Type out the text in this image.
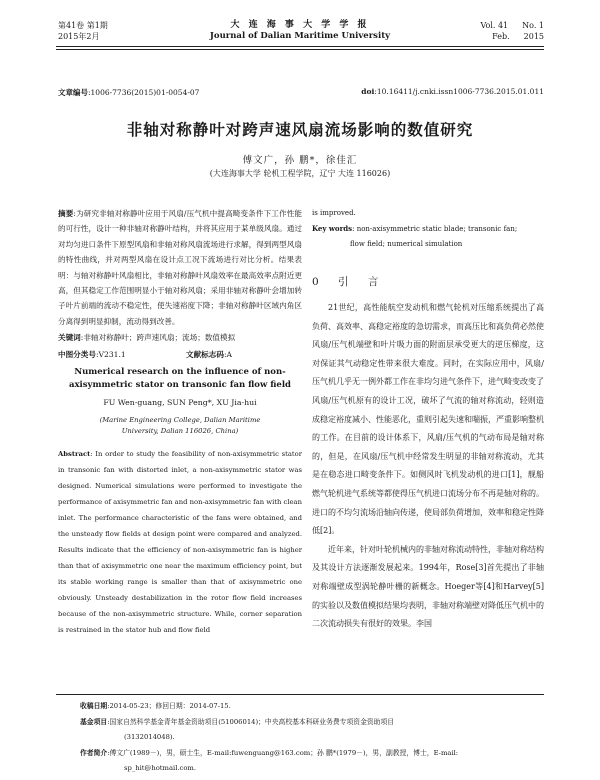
第41卷 第1期
2015年2月
大 连 海 事 大 学 学 报
Journal of Dalian Maritime University
Vol. 41 No. 1
Feb. 2015
文章编号:1006-7736(2015)01-0054-07	doi:10.16411/j.cnki.issn1006-7736.2015.01.011
非轴对称静叶对跨声速风扇流场影响的数值研究
傅文广，孙 鹏*，徐佳汇
(大连海事大学 轮机工程学院，辽宁 大连 116026)
摘要:为研究非轴对称静叶应用于风扇/压气机中提高畸变条件下工作性能的可行性，设计一种非轴对称静叶结构，并将其应用于某单级风扇。通过对均匀进口条件下原型风扇和非轴对称风扇流场进行求解，得到两型风扇的特性曲线，并对两型风扇在设计点工况下流场进行对比分析。结果表明：与轴对称静叶风扇相比，非轴对称静叶风扇效率在最高效率点附近更高，但其稳定工作范围明显小于轴对称风扇；采用非轴对称静叶会增加转子叶片前端的流动不稳定性，使失速裕度下降；非轴对称静叶区域内角区分离得到明显抑制，流动得到改善。
关键词:非轴对称静叶；跨声速风扇；流场；数值模拟
中图分类号:V231.1	文献标志码:A
Numerical research on the influence of non-axisymmetric stator on transonic fan flow field
FU Wen-guang, SUN Peng*, XU Jia-hui
(Marine Engineering College, Dalian Maritime
University, Dalian 116026, China)
Abstract: In order to study the feasibility of non-axisymmetric stator in transonic fan with distorted inlet, a non-axisymmetric stator was designed. Numerical simulations were performed to investigate the performance of axisymmetric fan and non-axisymmetric fan with clean inlet. The performance characteristic of the fans were obtained, and the unsteady flow fields at design point were compared and analyzed. Results indicate that the efficiency of non-axisymmetric fan is higher than that of axisymmetric one near the maximum efficiency point, but its stable working range is smaller than that of axisymmetric one obviously. Unsteady destabilization in the rotor flow field increases because of the non-axisymmetric structure. While, corner separation is restrained in the stator hub and flow field
is improved.
Key words: non-axisymmetric static blade; transonic fan;
flow field; numerical simulation
0 引 言

21世纪，高性能航空发动机和燃气轮机对压缩系统提出了高负荷、高效率、高稳定裕度的急切需求，而高压比和高负荷必然使风扇/压气机端壁和叶片吸力面的附面层承受更大的逆压梯度，这对保证其气动稳定性带来很大难度。同时，在实际应用中，风扇/压气机几乎无一例外都工作在非均匀进气条件下，进气畸变改变了风扇/压气机原有的设计工况，破坏了气流的轴对称流动，轻则造成稳定裕度减小、性能恶化，重则引起失速和喘振，严重影响整机的工作。在目前的设计体系下，风扇/压气机的气动布局是轴对称的，但是，在风扇/压气机中经常发生明显的非轴对称流动，尤其是在稳态进口畸变条件下。如侧风时飞机发动机的进口[1]，舰船燃气轮机进气系统等都使得压气机进口流场分布不再是轴对称的。进口的不均匀流场沿轴向传递，使局部负荷增加，效率和稳定性降低[2]。

近年来，针对叶轮机械内的非轴对称流动特性，非轴对称结构及其设计方法逐渐发展起来。1994年，Rose[3]首先提出了非轴对称端壁成型涡轮静叶栅的新概念。Hoeger等[4]和Harvey[5]的实验以及数值模拟结果均表明，非轴对称端壁对降低压气机中的二次流动损失有很好的效果。李国

收稿日期:2014-05-23；修回日期：2014-07-15.
基金项目:国家自然科学基金青年基金资助项目(51006014)；中央高校基本科研业务费专项资金资助项目
(3132014048).
作者简介:傅文广(1989－)，男，硕士生，E-mail:fuwenguang@163.com；孙 鹏*(1979－)，男，副教授，博士，E-mail:
sp_hit@hotmail.com.
